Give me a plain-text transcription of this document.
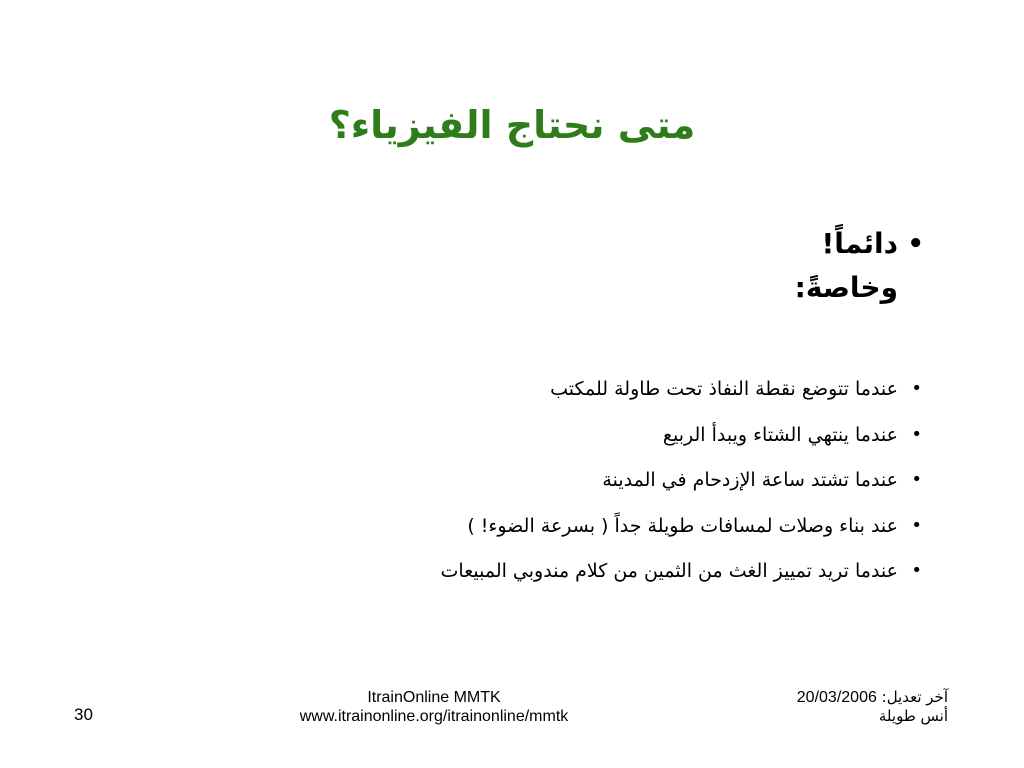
متى نحتاج الفيزياء؟
•
دائماً!
وخاصةً:
•
عندما تتوضع نقطة النفاذ تحت طاولة للمكتب
•
عندما ينتهي الشتاء ويبدأ الربيع
•
عندما تشتد ساعة الإزدحام في المدينة
•
عند بناء وصلات لمسافات طويلة جداً ( بسرعة الضوء! )
•
عندما تريد تمييز الغث من الثمين من كلام مندوبي المبيعات
30
ItrainOnline MMTK
www.itrainonline.org/itrainonline/mmtk
آخر تعديل: 20/03/2006
أنس طويلة
